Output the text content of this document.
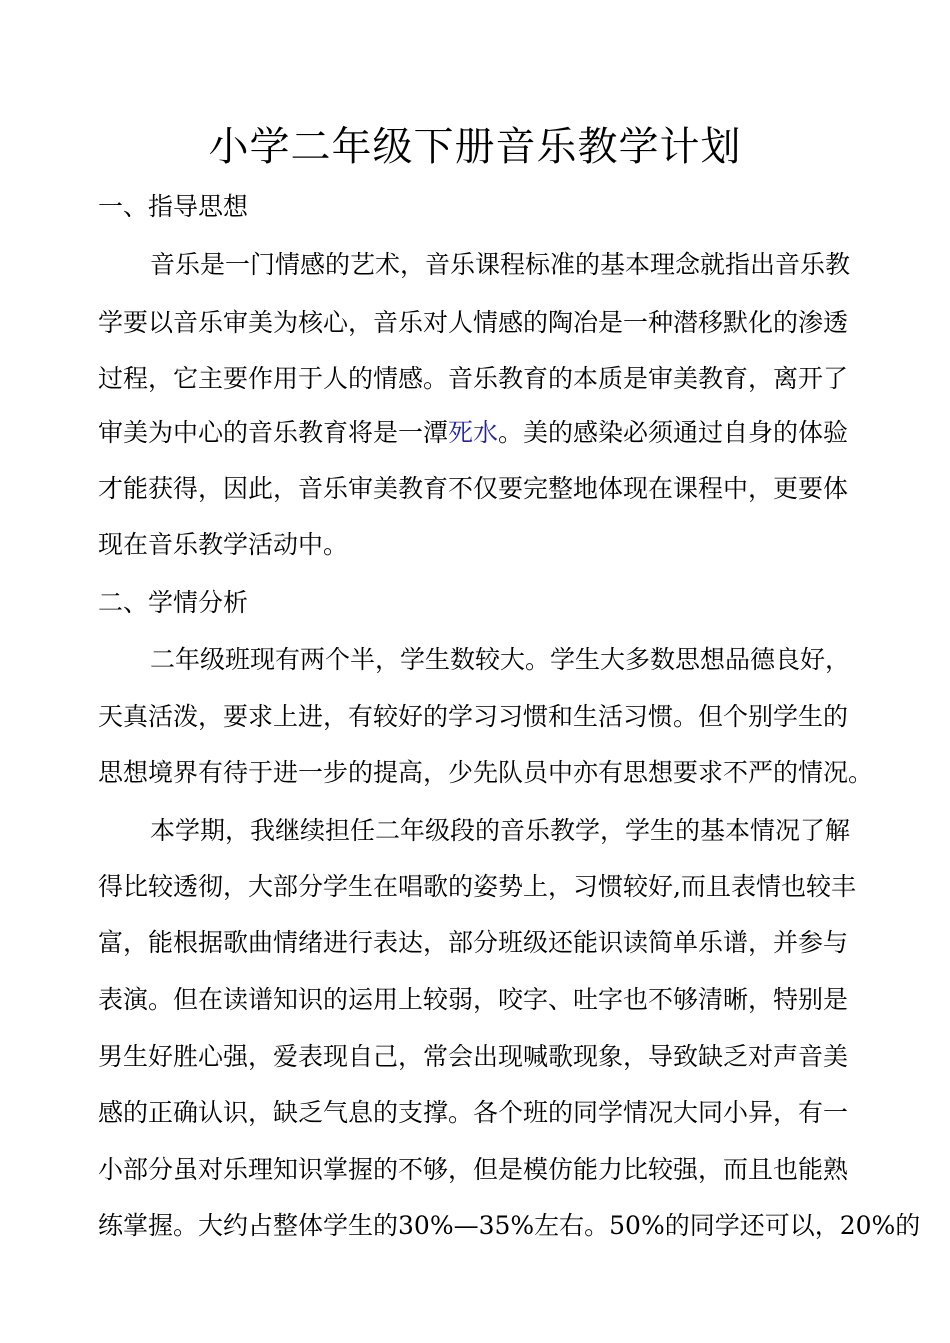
小学二年级下册音乐教学计划
一、指导思想
音乐是一门情感的艺术，音乐课程标准的基本理念就指出音乐教
学要以音乐审美为核心，音乐对人情感的陶冶是一种潜移默化的渗透
过程，它主要作用于人的情感。音乐教育的本质是审美教育，离开了
审美为中心的音乐教育将是一潭死水。美的感染必须通过自身的体验
才能获得，因此，音乐审美教育不仅要完整地体现在课程中，更要体
现在音乐教学活动中。
二、学情分析
二年级班现有两个半，学生数较大。学生大多数思想品德良好，
天真活泼，要求上进，有较好的学习习惯和生活习惯。但个别学生的
思想境界有待于进一步的提高，少先队员中亦有思想要求不严的情况。
本学期，我继续担任二年级段的音乐教学，学生的基本情况了解
得比较透彻，大部分学生在唱歌的姿势上，习惯较好,而且表情也较丰
富，能根据歌曲情绪进行表达，部分班级还能识读简单乐谱，并参与
表演。但在读谱知识的运用上较弱，咬字、吐字也不够清晰，特别是
男生好胜心强，爱表现自己，常会出现喊歌现象，导致缺乏对声音美
感的正确认识，缺乏气息的支撑。各个班的同学情况大同小异，有一
小部分虽对乐理知识掌握的不够，但是模仿能力比较强，而且也能熟
练掌握。大约占整体学生的30%—35%左右。50%的同学还可以，20%的
